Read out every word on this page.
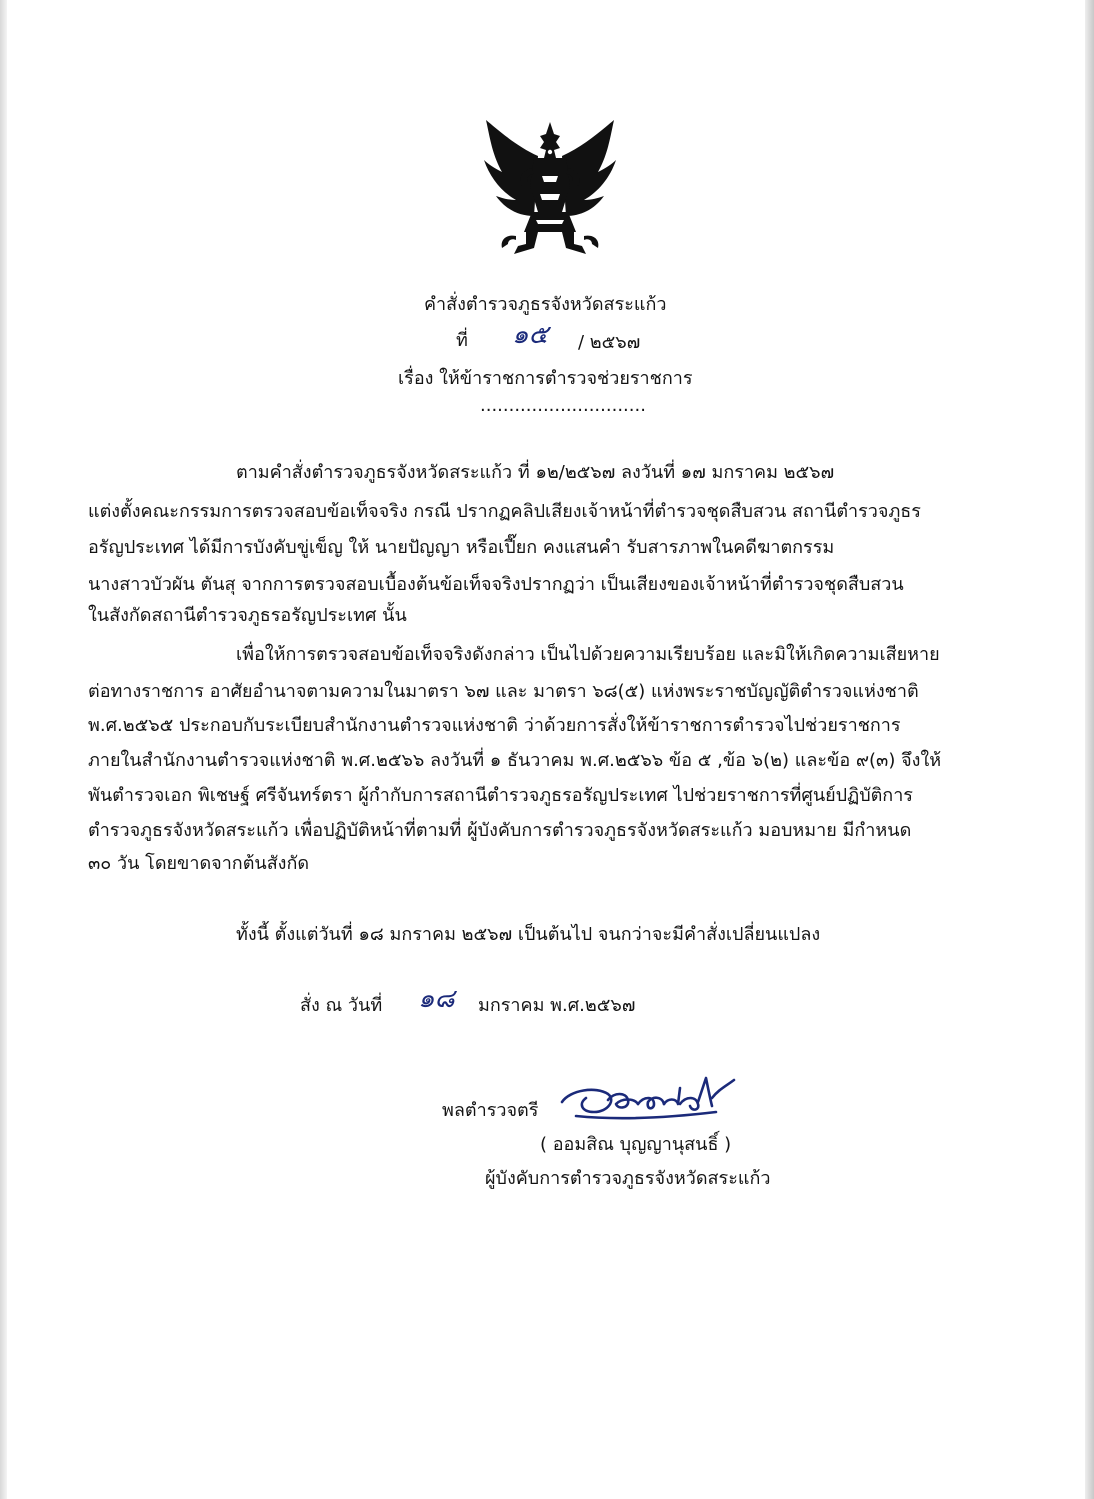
คำสั่งตำรวจภูธรจังหวัดสระแก้ว
ที่ ๑๕ / ๒๕๖๗
เรื่อง ให้ข้าราชการตำรวจช่วยราชการ
.............................
ตามคำสั่งตำรวจภูธรจังหวัดสระแก้ว ที่ ๑๒/๒๕๖๗ ลงวันที่ ๑๗ มกราคม ๒๕๖๗
แต่งตั้งคณะกรรมการตรวจสอบข้อเท็จจริง กรณี ปรากฏคลิปเสียงเจ้าหน้าที่ตำรวจชุดสืบสวน สถานีตำรวจภูธร
อรัญประเทศ ได้มีการบังคับขู่เข็ญ ให้ นายปัญญา หรือเปี๊ยก คงแสนคำ รับสารภาพในคดีฆาตกรรม
นางสาวบัวผัน ตันสุ จากการตรวจสอบเบื้องต้นข้อเท็จจริงปรากฏว่า เป็นเสียงของเจ้าหน้าที่ตำรวจชุดสืบสวน
ในสังกัดสถานีตำรวจภูธรอรัญประเทศ นั้น
เพื่อให้การตรวจสอบข้อเท็จจริงดังกล่าว เป็นไปด้วยความเรียบร้อย และมิให้เกิดความเสียหาย
ต่อทางราชการ อาศัยอำนาจตามความในมาตรา ๖๗ และ มาตรา ๖๘(๕) แห่งพระราชบัญญัติตำรวจแห่งชาติ
พ.ศ.๒๕๖๕ ประกอบกับระเบียบสำนักงานตำรวจแห่งชาติ ว่าด้วยการสั่งให้ข้าราชการตำรวจไปช่วยราชการ
ภายในสำนักงานตำรวจแห่งชาติ พ.ศ.๒๕๖๖ ลงวันที่ ๑ ธันวาคม พ.ศ.๒๕๖๖ ข้อ ๕ ,ข้อ ๖(๒) และข้อ ๙(๓) จึงให้
พันตำรวจเอก พิเชษฐ์ ศรีจันทร์ตรา ผู้กำกับการสถานีตำรวจภูธรอรัญประเทศ ไปช่วยราชการที่ศูนย์ปฏิบัติการ
ตำรวจภูธรจังหวัดสระแก้ว เพื่อปฏิบัติหน้าที่ตามที่ ผู้บังคับการตำรวจภูธรจังหวัดสระแก้ว มอบหมาย มีกำหนด
๓๐ วัน โดยขาดจากต้นสังกัด
ทั้งนี้ ตั้งแต่วันที่ ๑๘ มกราคม ๒๕๖๗ เป็นต้นไป จนกว่าจะมีคำสั่งเปลี่ยนแปลง
สั่ง ณ วันที่ ๑๘ มกราคม พ.ศ.๒๕๖๗
พลตำรวจตรี
( ออมสิณ บุญญานุสนธิ์ )
ผู้บังคับการตำรวจภูธรจังหวัดสระแก้ว
